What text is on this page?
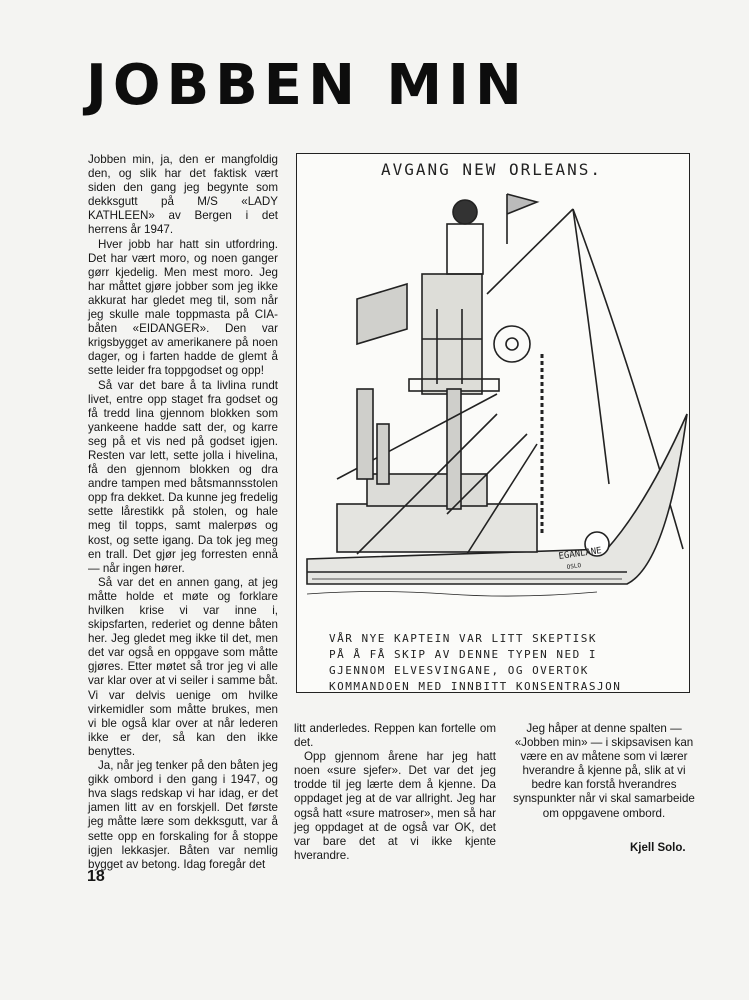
JOBBEN MIN

Jobben min, ja, den er mangfoldig den, og slik har det faktisk vært siden den gang jeg begynte som dekksgutt på M/S «LADY KATHLEEN» av Bergen i det herrens år 1947.

Hver jobb har hatt sin utfordring. Det har vært moro, og noen ganger gørr kjedelig. Men mest moro. Jeg har måttet gjøre jobber som jeg ikke akkurat har gledet meg til, som når jeg skulle male toppmasta på CIA-båten «EIDANGER». Den var krigsbygget av amerikanere på noen dager, og i farten hadde de glemt å sette leider fra toppgodset og opp!

Så var det bare å ta livlina rundt livet, entre opp staget fra godset og få tredd lina gjennom blokken som yankeene hadde satt der, og karre seg på et vis ned på godset igjen. Resten var lett, sette jolla i hivelina, få den gjennom blokken og dra andre tampen med båtsmannsstolen opp fra dekket. Da kunne jeg fredelig sette lårestikk på stolen, og hale meg til topps, samt malerpøs og kost, og sette igang. Da tok jeg meg en trall. Det gjør jeg forresten ennå — når ingen hører.

Så var det en annen gang, at jeg måtte holde et møte og forklare hvilken krise vi var inne i, skipsfarten, rederiet og denne båten her. Jeg gledet meg ikke til det, men det var også en oppgave som måtte gjøres. Etter møtet så tror jeg vi alle var klar over at vi seiler i samme båt. Vi var delvis uenige om hvilke virkemidler som måtte brukes, men vi ble også klar over at når lederen ikke er der, så kan den ikke benyttes.

Ja, når jeg tenker på den båten jeg gikk ombord i den gang i 1947, og hva slags redskap vi har idag, er det jamen litt av en forskjell. Det første jeg måtte lære som dekksgutt, var å sette opp en forskaling for å stoppe igjen lekkasjer. Båten var nemlig bygget av betong. Idag foregår det

AVGANG NEW ORLEANS.
EGANLANE
OSLO
VÅR NYE KAPTEIN VAR LITT SKEPTISK
PÅ Å FÅ SKIP AV DENNE TYPEN NED I
GJENNOM ELVESVINGANE, OG OVERTOK
KOMMANDOEN MED INNBITT KONSENTRASJON

litt anderledes. Reppen kan fortelle om det.

Opp gjennom årene har jeg hatt noen «sure sjefer». Det var det jeg trodde til jeg lærte dem å kjenne. Da oppdaget jeg at de var allright. Jeg har også hatt «sure matroser», men så har jeg oppdaget at de også var OK, det var bare det at vi ikke kjente hverandre.

Jeg håper at denne spalten — «Jobben min» — i skipsavisen kan være en av måtene som vi lærer hverandre å kjenne på, slik at vi bedre kan forstå hverandres synspunkter når vi skal samarbeide om oppgavene ombord.

Kjell Solo.
18
